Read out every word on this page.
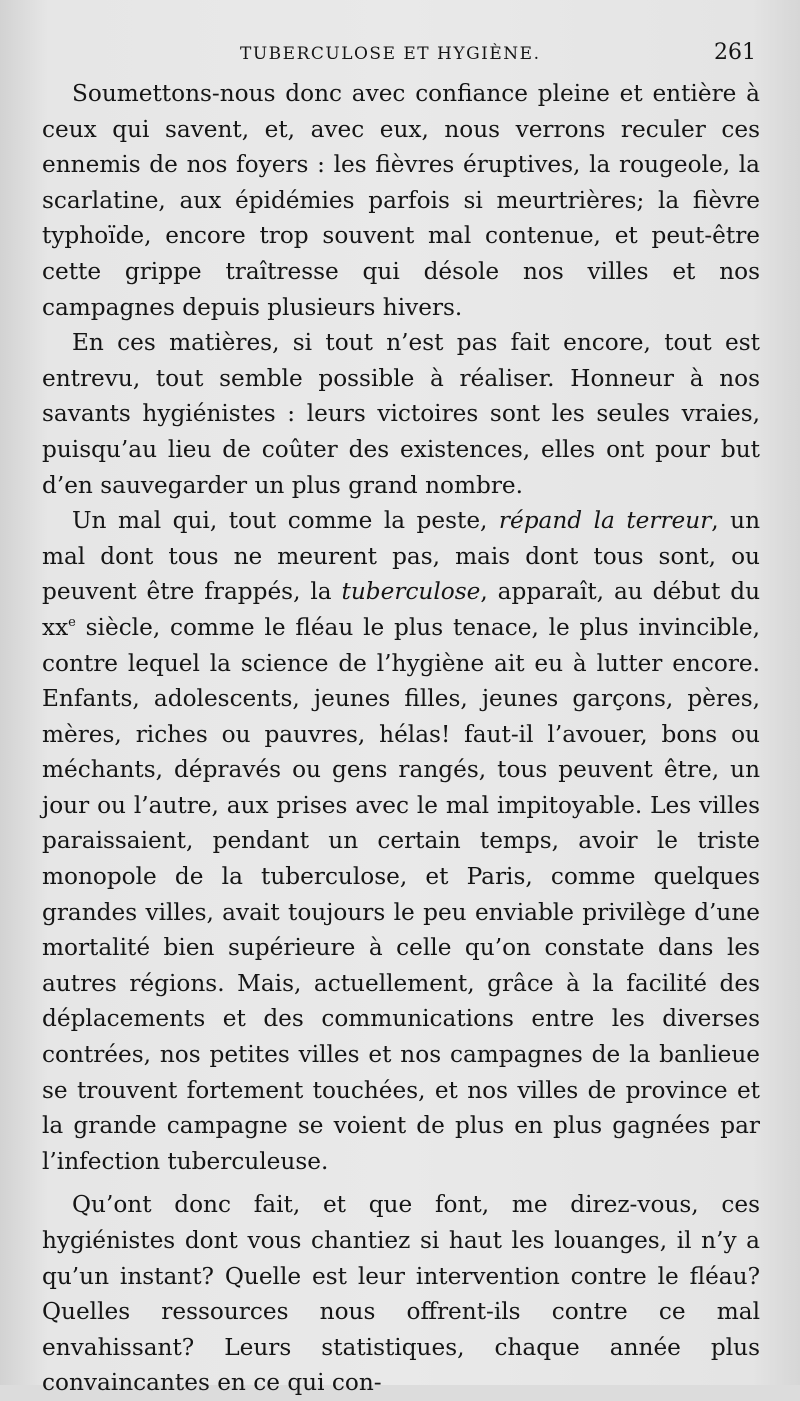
TUBERCULOSE ET HYGIÈNE.	261

Soumettons-nous donc avec confiance pleine et entière à ceux qui savent, et, avec eux, nous verrons reculer ces ennemis de nos foyers : les fièvres éruptives, la rougeole, la scarlatine, aux épidémies parfois si meurtrières; la fièvre typhoïde, encore trop souvent mal contenue, et peut-être cette grippe traîtresse qui désole nos villes et nos campagnes depuis plusieurs hivers.

En ces matières, si tout n’est pas fait encore, tout est entrevu, tout semble possible à réaliser. Honneur à nos savants hygiénistes : leurs victoires sont les seules vraies, puisqu’au lieu de coûter des existences, elles ont pour but d’en sauvegarder un plus grand nombre.

Un mal qui, tout comme la peste, répand la terreur, un mal dont tous ne meurent pas, mais dont tous sont, ou peuvent être frappés, la tuberculose, apparaît, au début du $xx^e$ siècle, comme le fléau le plus tenace, le plus invincible, contre lequel la science de l’hygiène ait eu à lutter encore. Enfants, adolescents, jeunes filles, jeunes garçons, pères, mères, riches ou pauvres, hélas! faut-il l’avouer, bons ou méchants, dépravés ou gens rangés, tous peuvent être, un jour ou l’autre, aux prises avec le mal impitoyable. Les villes paraissaient, pendant un certain temps, avoir le triste monopole de la tuberculose, et Paris, comme quelques grandes villes, avait toujours le peu enviable privilège d’une mortalité bien supérieure à celle qu’on constate dans les autres régions. Mais, actuellement, grâce à la facilité des déplacements et des communications entre les diverses contrées, nos petites villes et nos campagnes de la banlieue se trouvent fortement touchées, et nos villes de province et la grande campagne se voient de plus en plus gagnées par l’infection tuberculeuse.

Qu’ont donc fait, et que font, me direz-vous, ces hygiénistes dont vous chantiez si haut les louanges, il n’y a qu’un instant? Quelle est leur intervention contre le fléau? Quelles ressources nous offrent-ils contre ce mal envahissant? Leurs statistiques, chaque année plus convaincantes en ce qui con-
